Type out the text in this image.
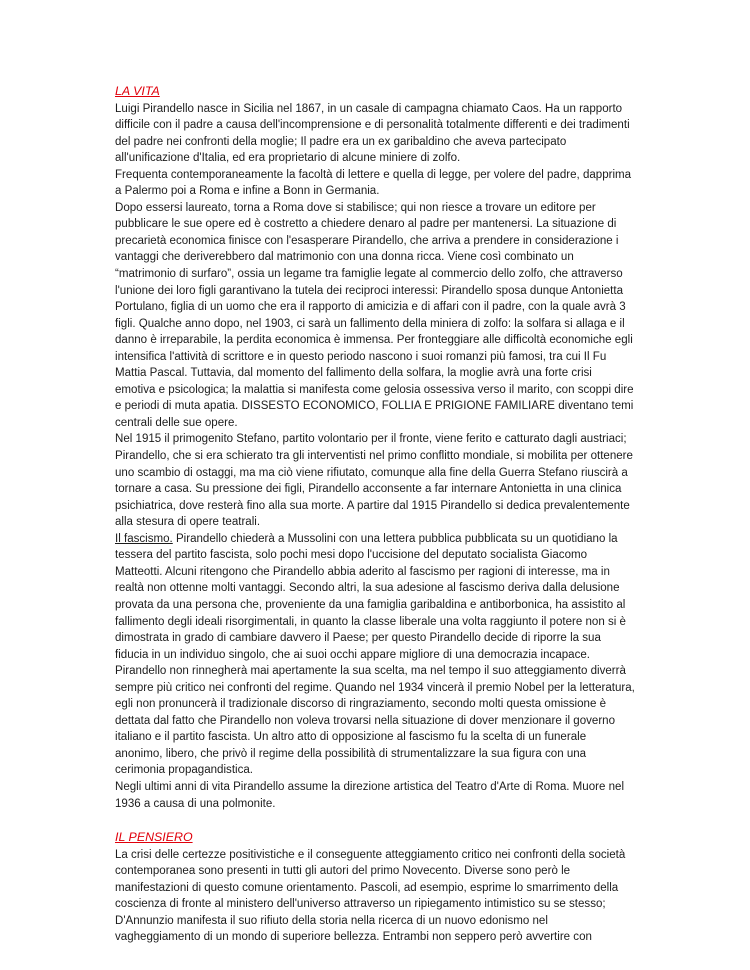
LA VITA

Luigi Pirandello nasce in Sicilia nel 1867, in un casale di campagna chiamato Caos. Ha un rapporto difficile con il padre a causa dell'incomprensione e di personalità totalmente differenti e dei tradimenti del padre nei confronti della moglie; Il padre era un ex garibaldino che aveva partecipato all'unificazione d'Italia, ed era proprietario di alcune miniere di zolfo.

Frequenta contemporaneamente la facoltà di lettere e quella di legge, per volere del padre, dapprima a Palermo poi a Roma e infine a Bonn in Germania.

Dopo essersi laureato, torna a Roma dove si stabilisce; qui non riesce a trovare un editore per pubblicare le sue opere ed è costretto a chiedere denaro al padre per mantenersi. La situazione di precarietà economica finisce con l'esasperare Pirandello, che arriva a prendere in considerazione i vantaggi che deriverebbero dal matrimonio con una donna ricca. Viene così combinato un “matrimonio di surfaro”, ossia un legame tra famiglie legate al commercio dello zolfo, che attraverso l'unione dei loro figli garantivano la tutela dei reciproci interessi: Pirandello sposa dunque Antonietta Portulano, figlia di un uomo che era il rapporto di amicizia e di affari con il padre, con la quale avrà 3 figli. Qualche anno dopo, nel 1903, ci sarà un fallimento della miniera di zolfo: la solfara si allaga e il danno è irreparabile, la perdita economica è immensa. Per fronteggiare alle difficoltà economiche egli intensifica l'attività di scrittore e in questo periodo nascono i suoi romanzi più famosi, tra cui Il Fu Mattia Pascal. Tuttavia, dal momento del fallimento della solfara, la moglie avrà una forte crisi emotiva e psicologica; la malattia si manifesta come gelosia ossessiva verso il marito, con scoppi dire e periodi di muta apatia. DISSESTO ECONOMICO, FOLLIA E PRIGIONE FAMILIARE diventano temi centrali delle sue opere.

Nel 1915 il primogenito Stefano, partito volontario per il fronte, viene ferito e catturato dagli austriaci; Pirandello, che si era schierato tra gli interventisti nel primo conflitto mondiale, si mobilita per ottenere uno scambio di ostaggi, ma ma ciò viene rifiutato, comunque alla fine della Guerra Stefano riuscirà a tornare a casa. Su pressione dei figli, Pirandello acconsente a far internare Antonietta in una clinica psichiatrica, dove resterà fino alla sua morte. A partire dal 1915 Pirandello si dedica prevalentemente alla stesura di opere teatrali.

Il fascismo. Pirandello chiederà a Mussolini con una lettera pubblica pubblicata su un quotidiano la tessera del partito fascista, solo pochi mesi dopo l'uccisione del deputato socialista Giacomo Matteotti. Alcuni ritengono che Pirandello abbia aderito al fascismo per ragioni di interesse, ma in realtà non ottenne molti vantaggi. Secondo altri, la sua adesione al fascismo deriva dalla delusione provata da una persona che, proveniente da una famiglia garibaldina e antiborbonica, ha assistito al fallimento degli ideali risorgimentali, in quanto la classe liberale una volta raggiunto il potere non si è dimostrata in grado di cambiare davvero il Paese; per questo Pirandello decide di riporre la sua fiducia in un individuo singolo, che ai suoi occhi appare migliore di una democrazia incapace.

Pirandello non rinnegherà mai apertamente la sua scelta, ma nel tempo il suo atteggiamento diverrà sempre più critico nei confronti del regime. Quando nel 1934 vincerà il premio Nobel per la letteratura, egli non pronuncerà il tradizionale discorso di ringraziamento, secondo molti questa omissione è dettata dal fatto che Pirandello non voleva trovarsi nella situazione di dover menzionare il governo italiano e il partito fascista. Un altro atto di opposizione al fascismo fu la scelta di un funerale anonimo, libero, che privò il regime della possibilità di strumentalizzare la sua figura con una cerimonia propagandistica.

Negli ultimi anni di vita Pirandello assume la direzione artistica del Teatro d'Arte di Roma. Muore nel 1936 a causa di una polmonite.

IL PENSIERO

La crisi delle certezze positivistiche e il conseguente atteggiamento critico nei confronti della società contemporanea sono presenti in tutti gli autori del primo Novecento. Diverse sono però le manifestazioni di questo comune orientamento. Pascoli, ad esempio, esprime lo smarrimento della coscienza di fronte al ministero dell'universo attraverso un ripiegamento intimistico su se stesso; D'Annunzio manifesta il suo rifiuto della storia nella ricerca di un nuovo edonismo nel vagheggiamento di un mondo di superiore bellezza. Entrambi non seppero però avvertire con
